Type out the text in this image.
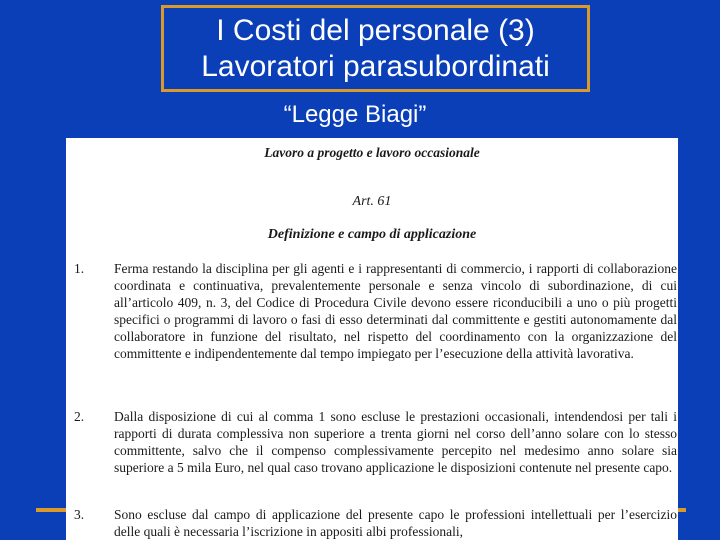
I Costi del personale (3)
Lavoratori parasubordinati
“Legge Biagi”
Lavoro a progetto e lavoro occasionale
Art. 61
Definizione e campo di applicazione
1. Ferma restando la disciplina per gli agenti e i rappresentanti di commercio, i rapporti di collaborazione coordinata e continuativa, prevalentemente personale e senza vincolo di subordinazione, di cui all’articolo 409, n. 3, del Codice di Procedura Civile devono essere riconducibili a uno o più progetti specifici o programmi di lavoro o fasi di esso determinati dal committente e gestiti autonomamente dal collaboratore in funzione del risultato, nel rispetto del coordinamento con la organizzazione del committente e indipendentemente dal tempo impiegato per l’esecuzione della attività lavorativa.
2. Dalla disposizione di cui al comma 1 sono escluse le prestazioni occasionali, intendendosi per tali i rapporti di durata complessiva non superiore a trenta giorni nel corso dell’anno solare con lo stesso committente, salvo che il compenso complessivamente percepito nel medesimo anno solare sia superiore a 5 mila Euro, nel qual caso trovano applicazione le disposizioni contenute nel presente capo.
3. Sono escluse dal campo di applicazione del presente capo le professioni intellettuali per l’esercizio delle quali è necessaria l’iscrizione in appositi albi professionali,
